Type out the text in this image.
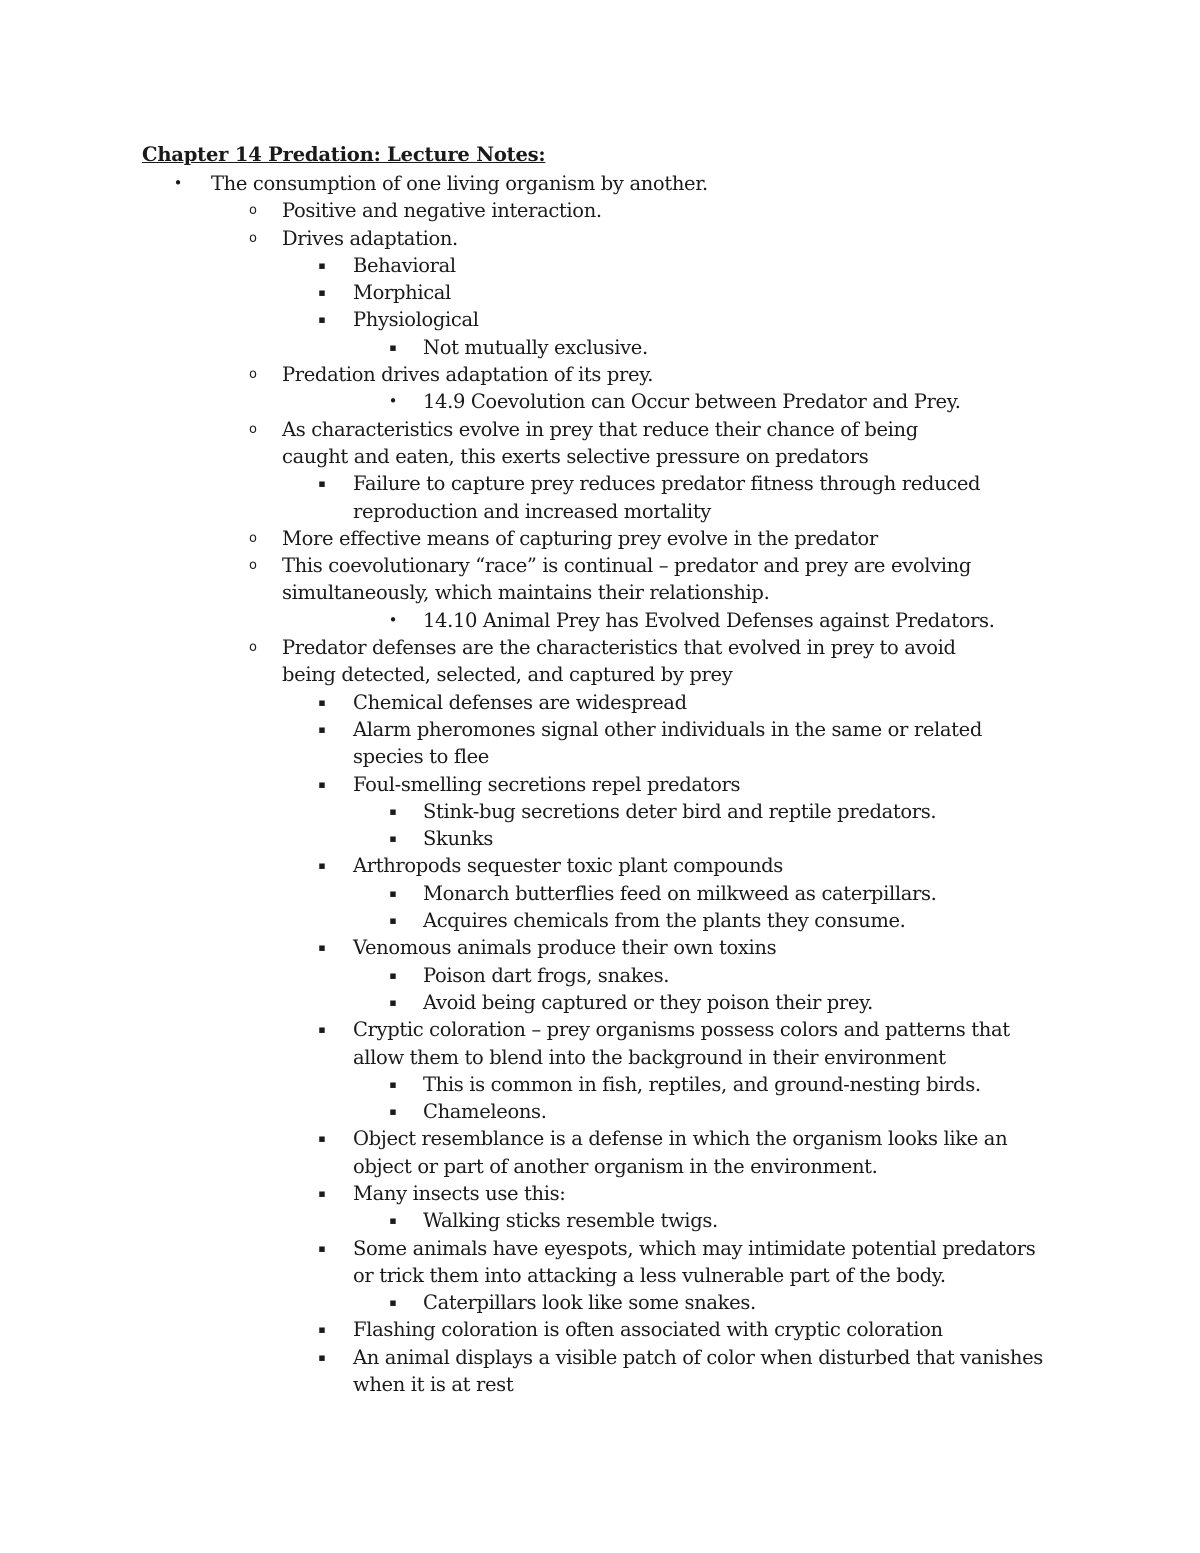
Chapter 14 Predation: Lecture Notes:
• The consumption of one living organism by another.
o Positive and negative interaction.
o Drives adaptation.
▪ Behavioral
▪ Morphical
▪ Physiological
▪ Not mutually exclusive.
o Predation drives adaptation of its prey.
• 14.9 Coevolution can Occur between Predator and Prey.
o As characteristics evolve in prey that reduce their chance of being caught and eaten, this exerts selective pressure on predators
▪ Failure to capture prey reduces predator fitness through reduced reproduction and increased mortality
o More effective means of capturing prey evolve in the predator
o This coevolutionary “race” is continual – predator and prey are evolving simultaneously, which maintains their relationship.
• 14.10 Animal Prey has Evolved Defenses against Predators.
o Predator defenses are the characteristics that evolved in prey to avoid being detected, selected, and captured by prey
▪ Chemical defenses are widespread
▪ Alarm pheromones signal other individuals in the same or related species to flee
▪ Foul-smelling secretions repel predators
▪ Stink-bug secretions deter bird and reptile predators.
▪ Skunks
▪ Arthropods sequester toxic plant compounds
▪ Monarch butterflies feed on milkweed as caterpillars.
▪ Acquires chemicals from the plants they consume.
▪ Venomous animals produce their own toxins
▪ Poison dart frogs, snakes.
▪ Avoid being captured or they poison their prey.
▪ Cryptic coloration – prey organisms possess colors and patterns that allow them to blend into the background in their environment
▪ This is common in fish, reptiles, and ground-nesting birds.
▪ Chameleons.
▪ Object resemblance is a defense in which the organism looks like an object or part of another organism in the environment.
▪ Many insects use this:
▪ Walking sticks resemble twigs.
▪ Some animals have eyespots, which may intimidate potential predators or trick them into attacking a less vulnerable part of the body.
▪ Caterpillars look like some snakes.
▪ Flashing coloration is often associated with cryptic coloration
▪ An animal displays a visible patch of color when disturbed that vanishes when it is at rest
